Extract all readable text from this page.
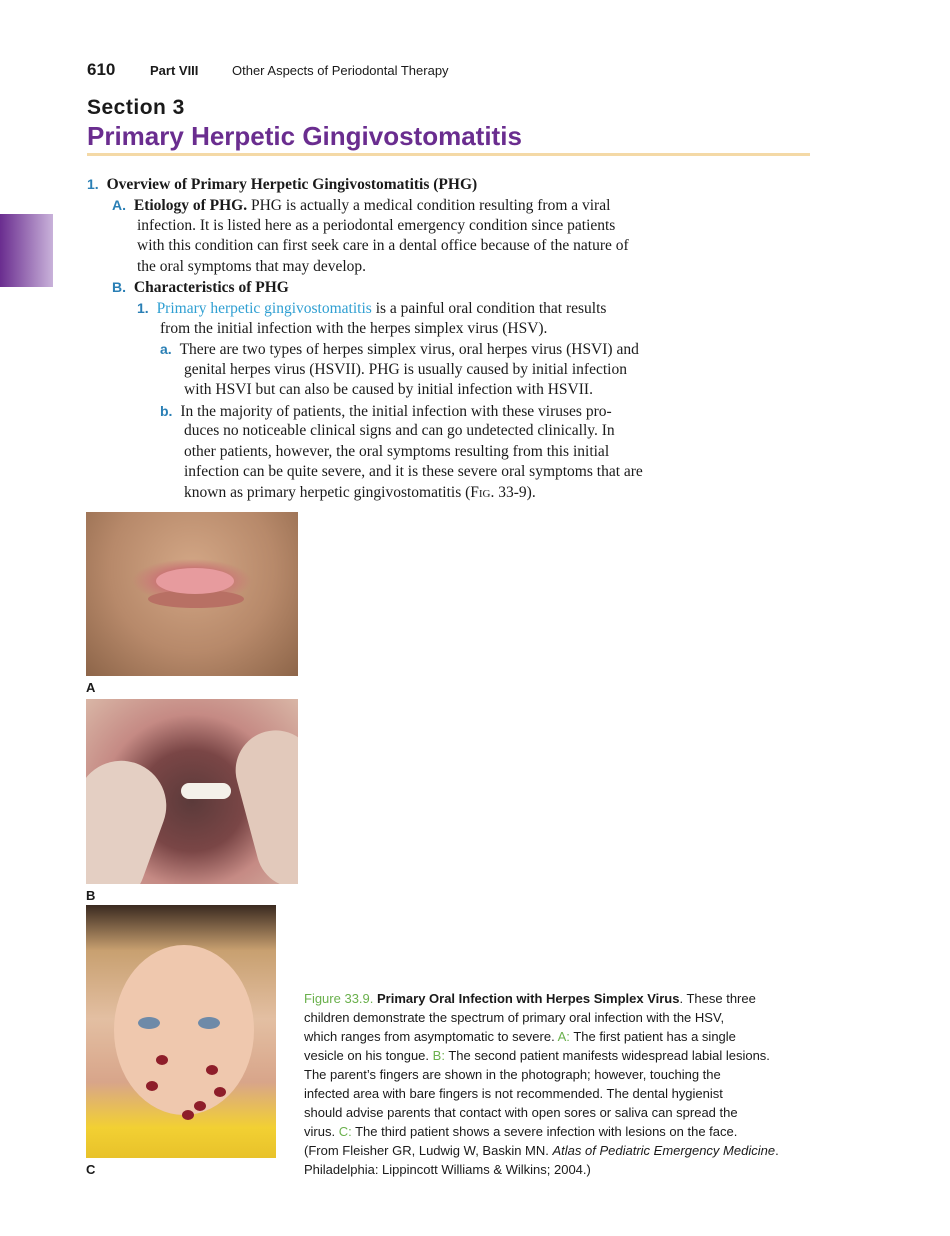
610	Part VIII	Other Aspects of Periodontal Therapy
Section 3
Primary Herpetic Gingivostomatitis
1. Overview of Primary Herpetic Gingivostomatitis (PHG)
A. Etiology of PHG. PHG is actually a medical condition resulting from a viral
infection. It is listed here as a periodontal emergency condition since patients
with this condition can first seek care in a dental office because of the nature of
the oral symptoms that may develop.
B. Characteristics of PHG
1. Primary herpetic gingivostomatitis is a painful oral condition that results
from the initial infection with the herpes simplex virus (HSV).
a. There are two types of herpes simplex virus, oral herpes virus (HSVI) and
genital herpes virus (HSVII). PHG is usually caused by initial infection
with HSVI but can also be caused by initial infection with HSVII.
b. In the majority of patients, the initial infection with these viruses pro-
duces no noticeable clinical signs and can go undetected clinically. In
other patients, however, the oral symptoms resulting from this initial
infection can be quite severe, and it is these severe oral symptoms that are
known as primary herpetic gingivostomatitis (Fig. 33-9).
A
B
C
Figure 33.9. Primary Oral Infection with Herpes Simplex Virus. These three
children demonstrate the spectrum of primary oral infection with the HSV,
which ranges from asymptomatic to severe. A: The first patient has a single
vesicle on his tongue. B: The second patient manifests widespread labial lesions.
The parent’s fingers are shown in the photograph; however, touching the
infected area with bare fingers is not recommended. The dental hygienist
should advise parents that contact with open sores or saliva can spread the
virus. C: The third patient shows a severe infection with lesions on the face.
(From Fleisher GR, Ludwig W, Baskin MN. Atlas of Pediatric Emergency Medicine.
Philadelphia: Lippincott Williams & Wilkins; 2004.)
